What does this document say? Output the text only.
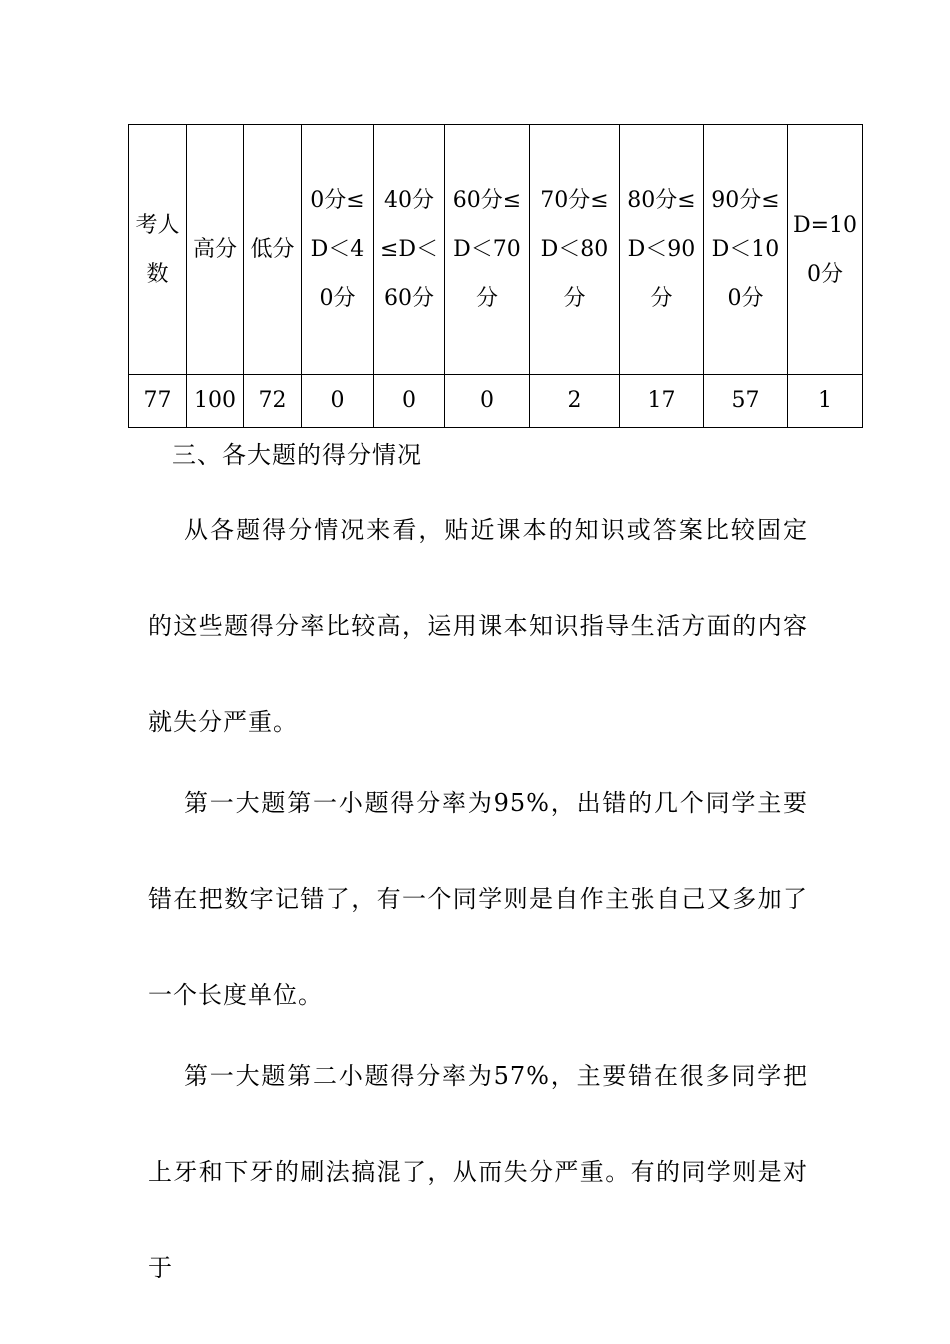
考人数	高分	低分	0分≤D＜40分	40分≤D＜60分	60分≤D＜70分	70分≤D＜80分	80分≤D＜90分	90分≤D＜100分	D=100分
77	100	72	0	0	0	2	17	57	1
三、各大题的得分情况

从各题得分情况来看，贴近课本的知识或答案比较固定的这些题得分率比较高，运用课本知识指导生活方面的内容就失分严重。

第一大题第一小题得分率为95%，出错的几个同学主要错在把数字记错了，有一个同学则是自作主张自己又多加了一个长度单位。

第一大题第二小题得分率为57%，主要错在很多同学把上牙和下牙的刷法搞混了，从而失分严重。有的同学则是对于
